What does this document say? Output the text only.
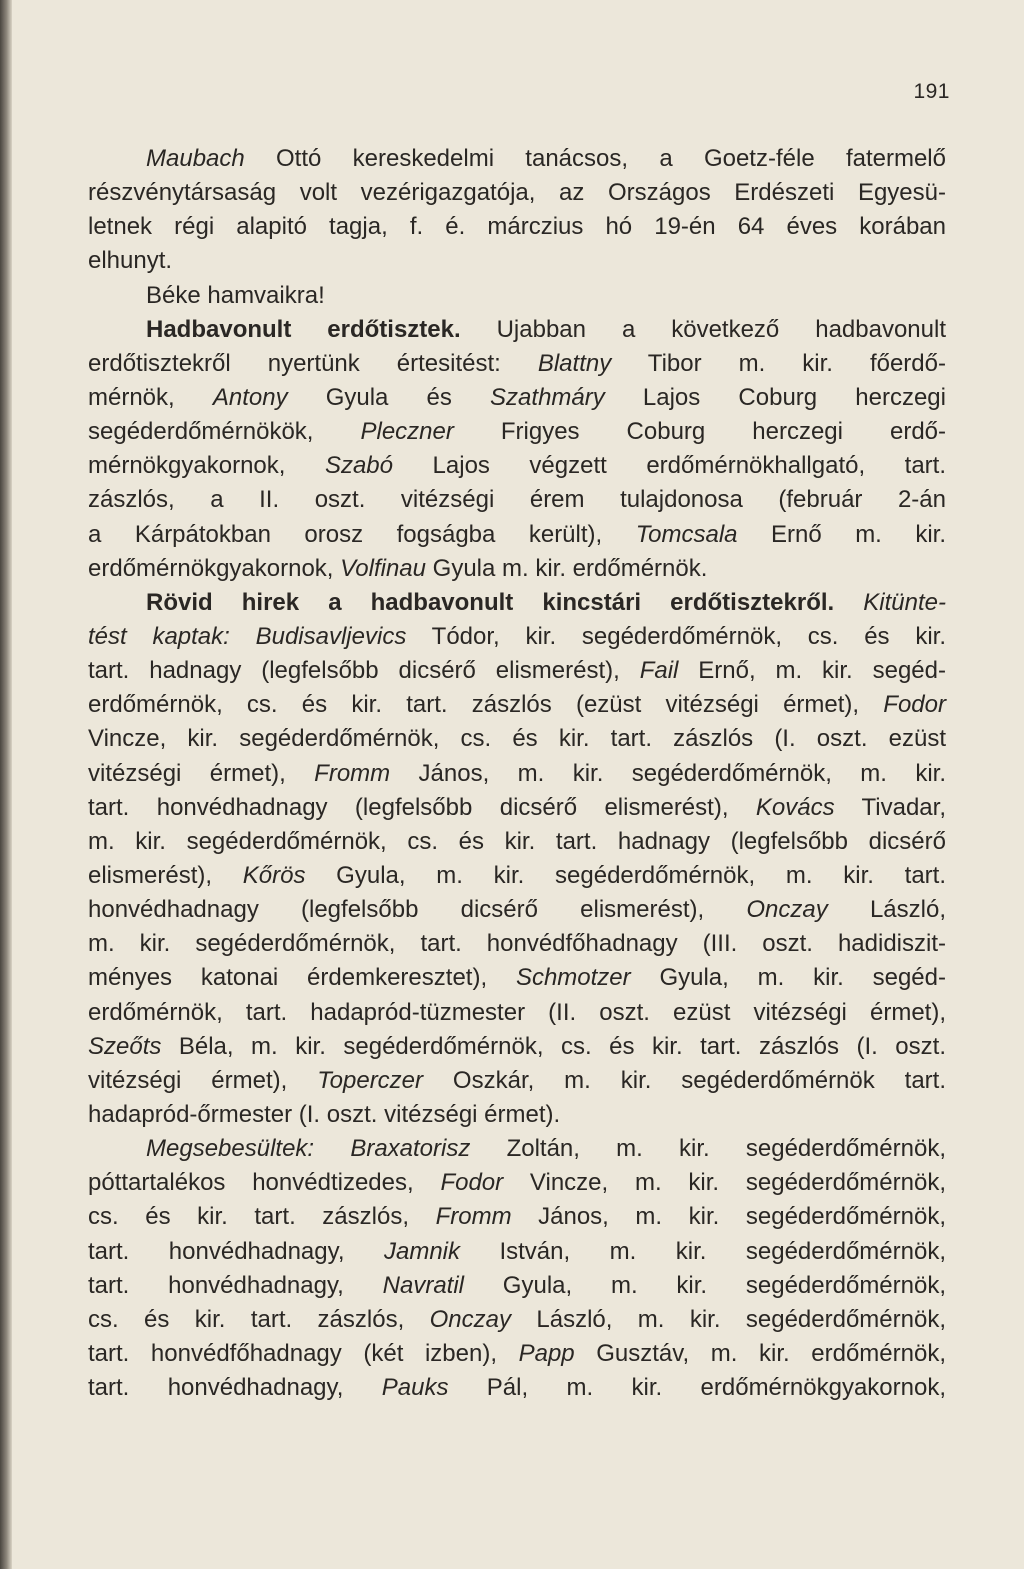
191
Maubach Ottó kereskedelmi tanácsos, a Goetz-féle fatermelő
részvénytársaság volt vezérigazgatója, az Országos Erdészeti Egyesü-
letnek régi alapitó tagja, f. é. márczius hó 19-én 64 éves korában
elhunyt.
Béke hamvaikra!
Hadbavonult erdőtisztek. Ujabban a következő hadbavonult
erdőtisztekről nyertünk értesitést: Blattny Tibor m. kir. főerdő-
mérnök, Antony Gyula és Szathmáry Lajos Coburg herczegi
segéderdőmérnökök, Pleczner Frigyes Coburg herczegi erdő-
mérnökgyakornok, Szabó Lajos végzett erdőmérnökhallgató, tart.
zászlós, a II. oszt. vitézségi érem tulajdonosa (február 2-án
a Kárpátokban orosz fogságba került), Tomcsala Ernő m. kir.
erdőmérnökgyakornok, Volfinau Gyula m. kir. erdőmérnök.
Rövid hirek a hadbavonult kincstári erdőtisztekről. Kitünte-
tést kaptak: Budisavljevics Tódor, kir. segéderdőmérnök, cs. és kir.
tart. hadnagy (legfelsőbb dicsérő elismerést), Fail Ernő, m. kir. segéd-
erdőmérnök, cs. és kir. tart. zászlós (ezüst vitézségi érmet), Fodor
Vincze, kir. segéderdőmérnök, cs. és kir. tart. zászlós (I. oszt. ezüst
vitézségi érmet), Fromm János, m. kir. segéderdőmérnök, m. kir.
tart. honvédhadnagy (legfelsőbb dicsérő elismerést), Kovács Tivadar,
m. kir. segéderdőmérnök, cs. és kir. tart. hadnagy (legfelsőbb dicsérő
elismerést), Kőrös Gyula, m. kir. segéderdőmérnök, m. kir. tart.
honvédhadnagy (legfelsőbb dicsérő elismerést), Onczay László,
m. kir. segéderdőmérnök, tart. honvédfőhadnagy (III. oszt. hadidiszit-
ményes katonai érdemkeresztet), Schmotzer Gyula, m. kir. segéd-
erdőmérnök, tart. hadapród-tüzmester (II. oszt. ezüst vitézségi érmet),
Szeőts Béla, m. kir. segéderdőmérnök, cs. és kir. tart. zászlós (I. oszt.
vitézségi érmet), Toperczer Oszkár, m. kir. segéderdőmérnök tart.
hadapród-őrmester (I. oszt. vitézségi érmet).
Megsebesültek: Braxatorisz Zoltán, m. kir. segéderdőmérnök,
póttartalékos honvédtizedes, Fodor Vincze, m. kir. segéderdőmérnök,
cs. és kir. tart. zászlós, Fromm János, m. kir. segéderdőmérnök,
tart. honvédhadnagy, Jamnik István, m. kir. segéderdőmérnök,
tart. honvédhadnagy, Navratil Gyula, m. kir. segéderdőmérnök,
cs. és kir. tart. zászlós, Onczay László, m. kir. segéderdőmérnök,
tart. honvédfőhadnagy (két izben), Papp Gusztáv, m. kir. erdőmérnök,
tart. honvédhadnagy, Pauks Pál, m. kir. erdőmérnökgyakornok,
